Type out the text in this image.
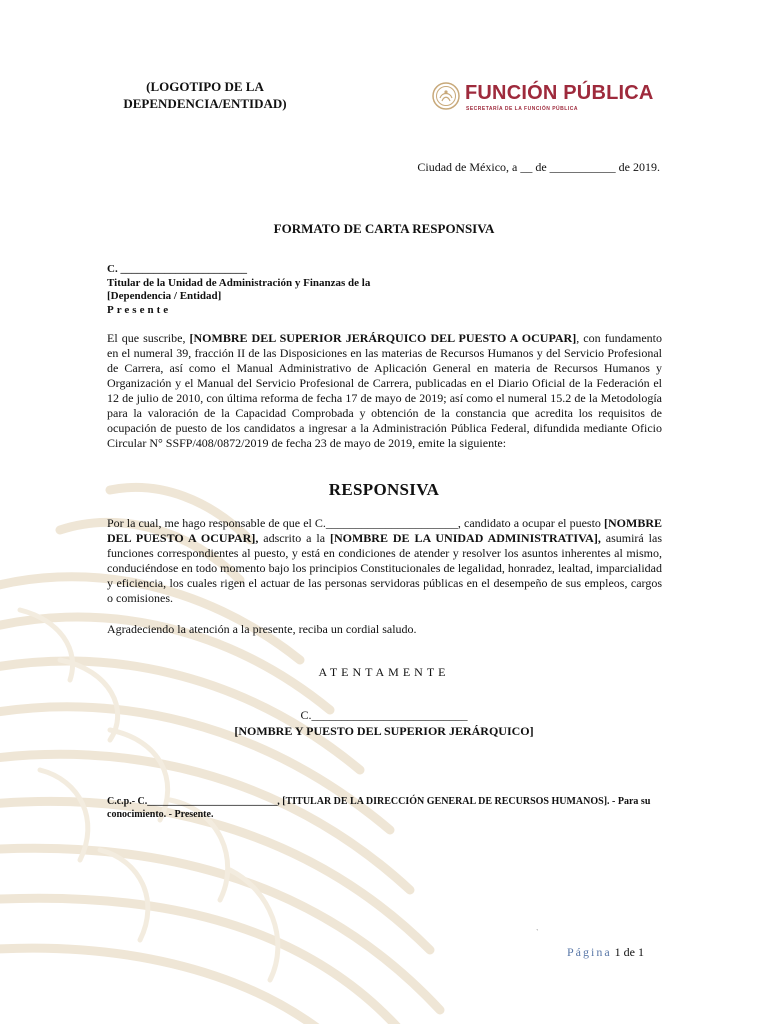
(LOGOTIPO DE LA DEPENDENCIA/ENTIDAD)	FUNCIÓN PÚBLICA
SECRETARÍA DE LA FUNCIÓN PÚBLICA
Ciudad de México, a __ de ___________ de 2019.
FORMATO DE CARTA RESPONSIVA
C. _______________________
Titular de la Unidad de Administración y Finanzas de la
[Dependencia / Entidad]
Presente
El que suscribe, [NOMBRE DEL SUPERIOR JERÁRQUICO DEL PUESTO A OCUPAR], con fundamento en el numeral 39, fracción II de las Disposiciones en las materias de Recursos Humanos y del Servicio Profesional de Carrera, así como el Manual Administrativo de Aplicación General en materia de Recursos Humanos y Organización y el Manual del Servicio Profesional de Carrera, publicadas en el Diario Oficial de la Federación el 12 de julio de 2010, con última reforma de fecha 17 de mayo de 2019; así como el numeral 15.2 de la Metodología para la valoración de la Capacidad Comprobada y obtención de la constancia que acredita los requisitos de ocupación de puesto de los candidatos a ingresar a la Administración Pública Federal, difundida mediante Oficio Circular N° SSFP/408/0872/2019 de fecha 23 de mayo de 2019, emite la siguiente:
RESPONSIVA
Por la cual, me hago responsable de que el C.______________________, candidato a ocupar el puesto [NOMBRE DEL PUESTO A OCUPAR], adscrito a la [NOMBRE DE LA UNIDAD ADMINISTRATIVA], asumirá las funciones correspondientes al puesto, y está en condiciones de atender y resolver los asuntos inherentes al mismo, conduciéndose en todo momento bajo los principios Constitucionales de legalidad, honradez, lealtad, imparcialidad y eficiencia, los cuales rigen el actuar de las personas servidoras públicas en el desempeño de sus empleos, cargos o comisiones.
Agradeciendo la atención a la presente, reciba un cordial saludo.
ATENTAMENTE
C.__________________________
[NOMBRE Y PUESTO DEL SUPERIOR JERÁRQUICO]
C.c.p.- C.__________________________, [TITULAR DE LA DIRECCIÓN GENERAL DE RECURSOS HUMANOS]. - Para su conocimiento. - Presente.
`
Página 1 de 1
